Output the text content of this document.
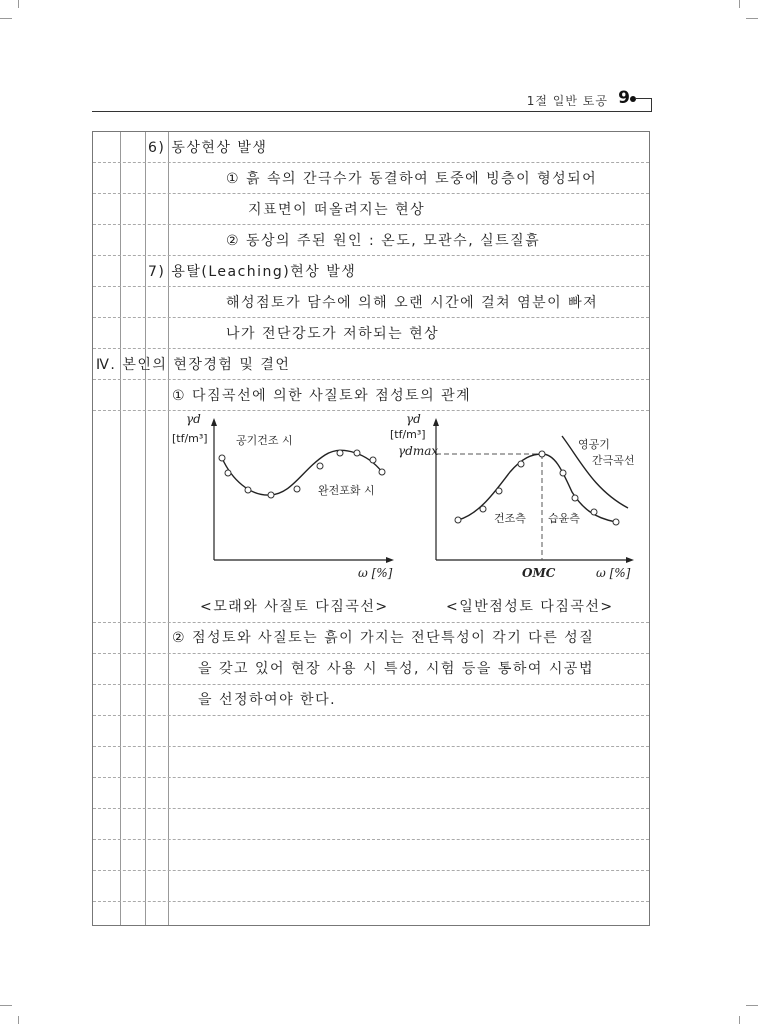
1절 일반 토공 9
6) 동상현상 발생
① 흙 속의 간극수가 동결하여 토중에 빙층이 형성되어
지표면이 떠올려지는 현상
② 동상의 주된 원인 : 온도, 모관수, 실트질흙
7) 용탈(Leaching)현상 발생
해성점토가 담수에 의해 오랜 시간에 걸쳐 염분이 빠져
나가 전단강도가 저하되는 현상
Ⅳ. 본인의 현장경험 및 결언
① 다짐곡선에 의한 사질토와 점성토의 관계
γd
[tf/m³]	공기건조 시
완전포화 시
ω [%]
γd
[tf/m³]
γdmax	영공기
간극곡선
건조측 습윤측
OMC	ω [%]
<모래와 사질토 다짐곡선>	<일반점성토 다짐곡선>
② 점성토와 사질토는 흙이 가지는 전단특성이 각기 다른 성질
을 갖고 있어 현장 사용 시 특성, 시험 등을 통하여 시공법
을 선정하여야 한다.
